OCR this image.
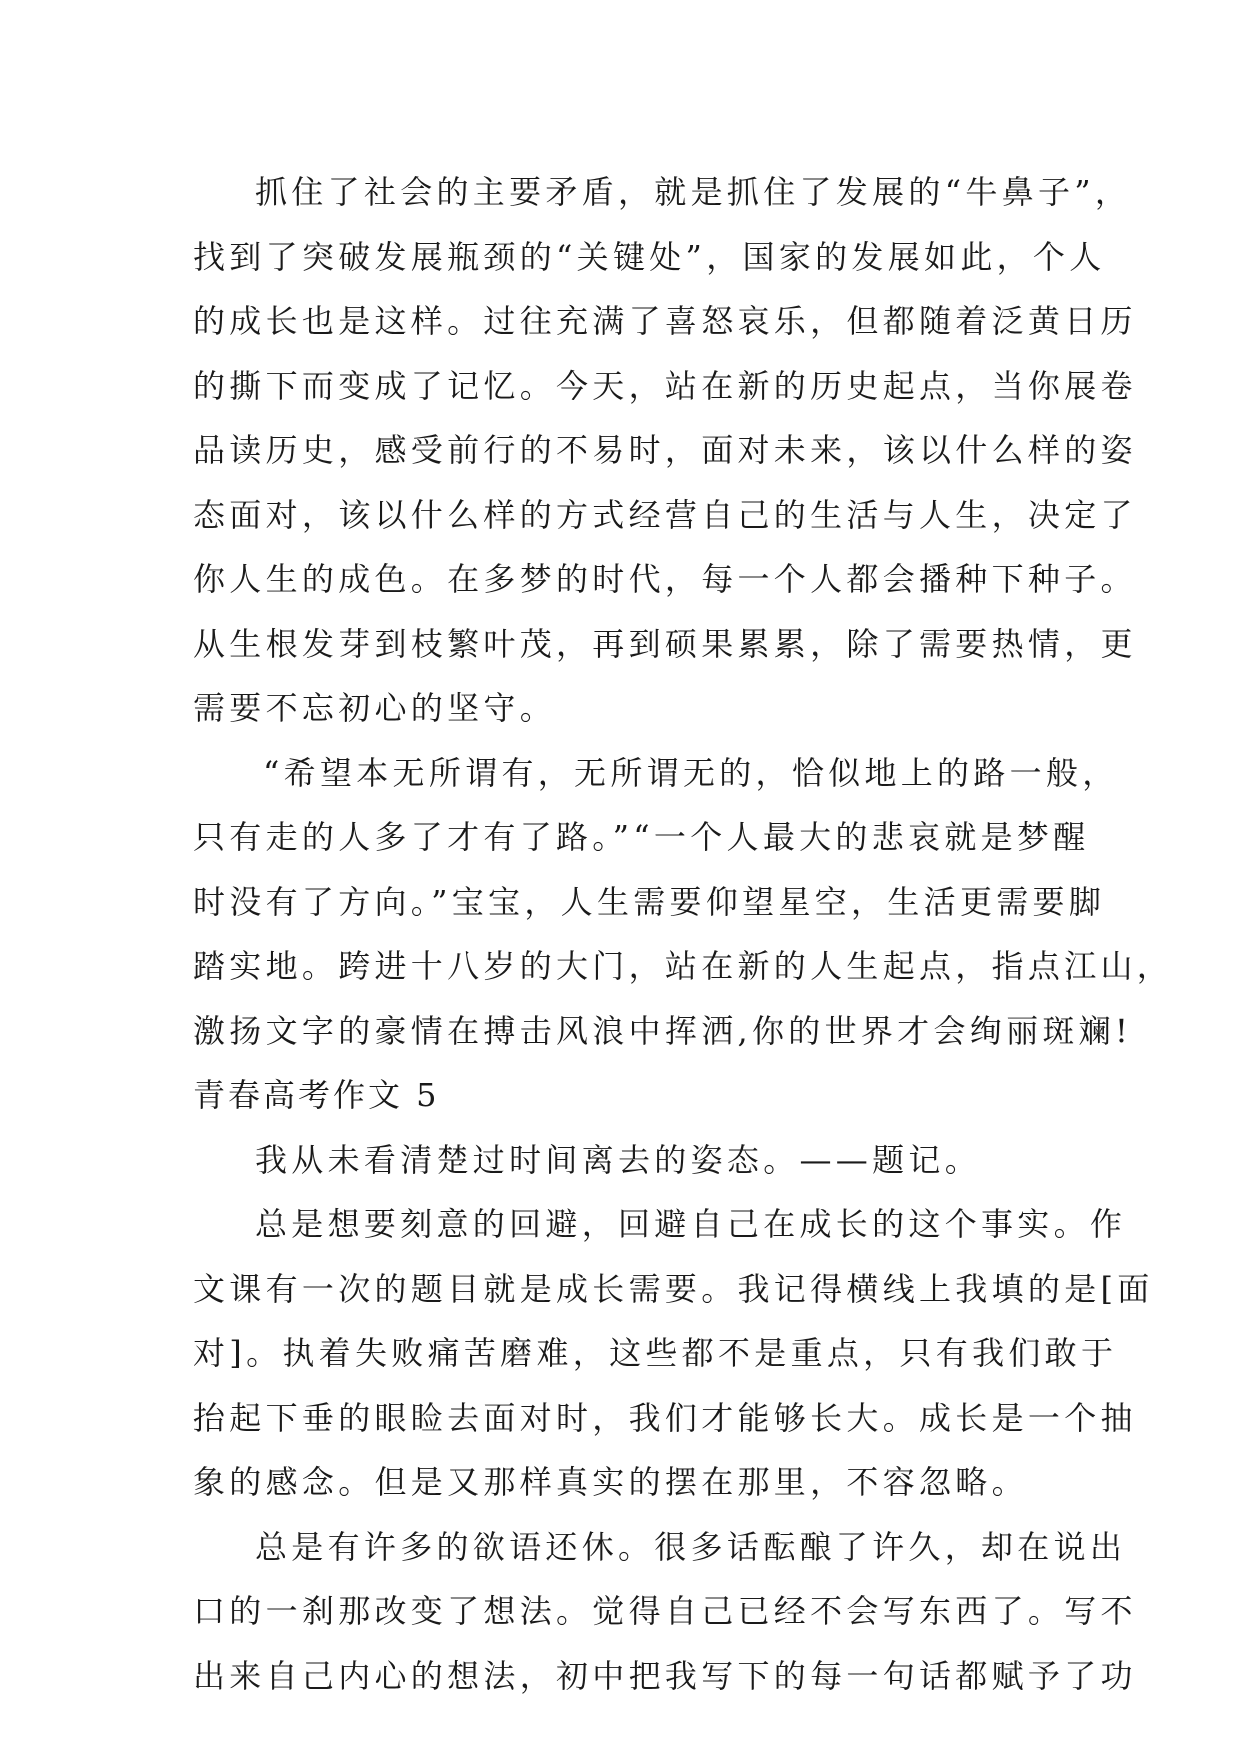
抓住了社会的主要矛盾，就是抓住了发展的“牛鼻子”，
找到了突破发展瓶颈的“关键处”，国家的发展如此，个人
的成长也是这样。过往充满了喜怒哀乐，但都随着泛黄日历
的撕下而变成了记忆。今天，站在新的历史起点，当你展卷
品读历史，感受前行的不易时，面对未来，该以什么样的姿
态面对，该以什么样的方式经营自己的生活与人生，决定了
你人生的成色。在多梦的时代，每一个人都会播种下种子。
从生根发芽到枝繁叶茂，再到硕果累累，除了需要热情，更
需要不忘初心的坚守。
“希望本无所谓有，无所谓无的，恰似地上的路一般，
只有走的人多了才有了路。”“一个人最大的悲哀就是梦醒
时没有了方向。”宝宝，人生需要仰望星空，生活更需要脚
踏实地。跨进十八岁的大门，站在新的人生起点，指点江山，
激扬文字的豪情在搏击风浪中挥洒,你的世界才会绚丽斑斓!
青春高考作文 5
我从未看清楚过时间离去的姿态。——题记。
总是想要刻意的回避，回避自己在成长的这个事实。作
文课有一次的题目就是成长需要。我记得横线上我填的是[面
对]。执着失败痛苦磨难，这些都不是重点，只有我们敢于
抬起下垂的眼睑去面对时，我们才能够长大。成长是一个抽
象的感念。但是又那样真实的摆在那里，不容忽略。
总是有许多的欲语还休。很多话酝酿了许久，却在说出
口的一刹那改变了想法。觉得自己已经不会写东西了。写不
出来自己内心的想法，初中把我写下的每一句话都赋予了功
